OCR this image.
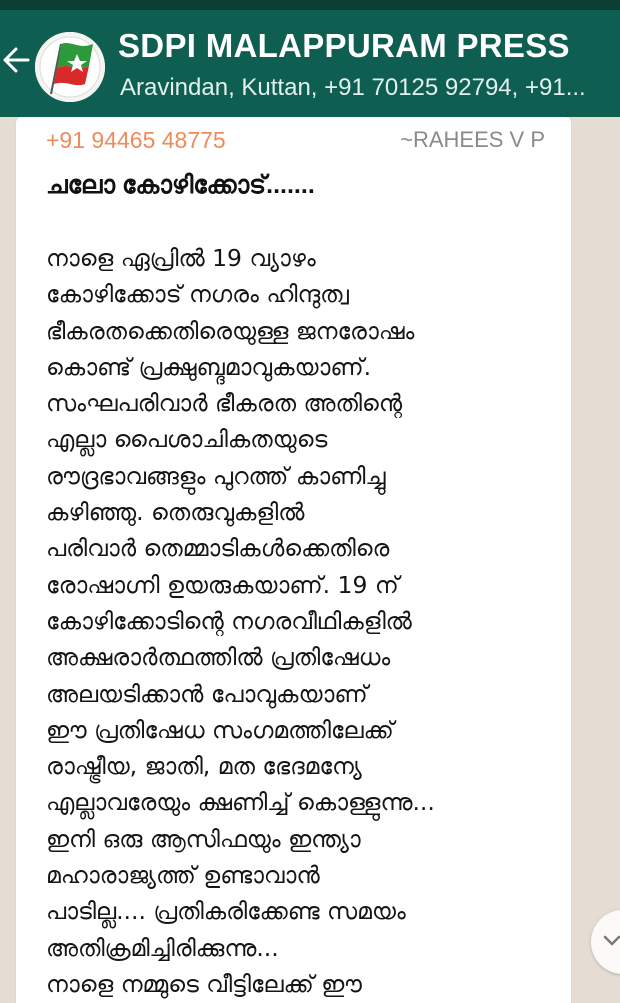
SDPI MALAPPURAM PRESS
Aravindan, Kuttan, +91 70125 92794, +91...
+91 94465 48775	~RAHEES V P
ചലോ കോഴിക്കോട്.......
നാളെ ഏപ്രിൽ 19 വ്യാഴം
കോഴിക്കോട് നഗരം ഹിന്ദുത്വ
ഭീകരതക്കെതിരെയുള്ള ജനരോഷം
കൊണ്ട് പ്രക്ഷുബ്ദമാവുകയാണ്.
സംഘപരിവാർ ഭീകരത അതിന്റെ
എല്ലാ പൈശാചികതയുടെ
രൗദ്രഭാവങ്ങളും പുറത്ത് കാണിച്ചു
കഴിഞ്ഞു. തെരുവുകളിൽ
പരിവാർ തെമ്മാടികൾക്കെതിരെ
രോഷാഗ്നി ഉയരുകയാണ്. 19 ന്
കോഴിക്കോടിന്റെ നഗരവീഥികളിൽ
അക്ഷരാർത്ഥത്തിൽ പ്രതിഷേധം
അലയടിക്കാൻ പോവുകയാണ്
ഈ പ്രതിഷേധ സംഗമത്തിലേക്ക്
രാഷ്ട്രീയ, ജാതി, മത ഭേദമന്യേ
എല്ലാവരേയും ക്ഷണിച്ച് കൊള്ളുന്നു...
ഇനി ഒരു ആസിഫയും ഇന്ത്യാ
മഹാരാജ്യത്ത് ഉണ്ടാവാൻ
പാടില്ല.... പ്രതികരിക്കേണ്ട സമയം
അതിക്രമിച്ചിരിക്കുന്നു...
നാളെ നമ്മുടെ വീട്ടിലേക്ക് ഈ
